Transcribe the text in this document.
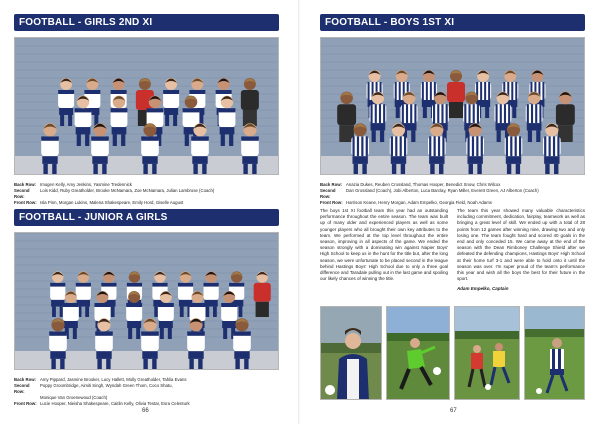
FOOTBALL - GIRLS 2ND XI
Back Row: Imogen Kelly, Amy Jenkins, Yasmine Tredennick
Second Row:
Lois Kidd, Ruby Greatholder, Brooke McNamara, Zoe McNamara, Julian Lambrose (Coach)
Front Row: Isla Pinn, Morgan Lukins, Malena Shakespeare, Emily Hord, Giselle August
FOOTBALL - JUNIOR A GIRLS
Back Row: Amy Pippard, Jasmine Brooker, Lucy Hallett, Molly Greatholder, Tahlia Evans
Second Row:
Poppy Groombridge, Aimiti Singh, Wyndah Green Thom, Coco Shatu,
Monique Van Groenewoud (Coach)
Front Row: Lucie Hooper, Nieisha Shakespeare, Caitlin Kelly, Olivia Testar, Esra Celenturk
66
FOOTBALL - BOYS 1ST XI
Back Row: Anazia Dukes, Reuben Crossland, Thomas Hooper, Benedict Snow, Chris Wilcox
Second Row:
Dan Grossland (Coach), Jobi Alberton, Luca Barclay, Ryan Miller, Everett Green, AJ Alberton (Coach)
Front Row: Harrison Keane, Henry Morgan, Adam Empelko, Georgia Field, Noah Adams

The boys 1st XI football team this year had an outstanding performance throughout the entire season. The team was built up of many older and experienced players as well as some younger players who all brought their own key attributes to the team. We performed at the top level throughout the entire season, improving in all aspects of the game. We ended the season strongly with a dominating win against Napier Boys' High School to keep us in the hunt for the title but, after the long season, we were unfortunate to be placed second in the league behind Hastings Boys' High School due to only a three goal difference and Taradale pulling out in the last game and spoiling our likely chances of winning the title.

The team this year showed many valuable characteristics including commitment, dedication, fairplay, teamwork as well as bringing a great level of skill. We ended up with a total of 28 points from 12 games after winning nine, drawing two and only losing one. The team fought hard and scored 40 goals in the end and only conceded 15. We came away at the end of the season with the Dean Rimboney Challenge Shield after we defeated the defending champions, Hastings Boys' High School at their home turf 3-1 and were able to hold onto it until the season was over. I'm super proud of the team's performance this year and wish all the boys the best for their future in the sport.

Adam Empelko, Captain

67
